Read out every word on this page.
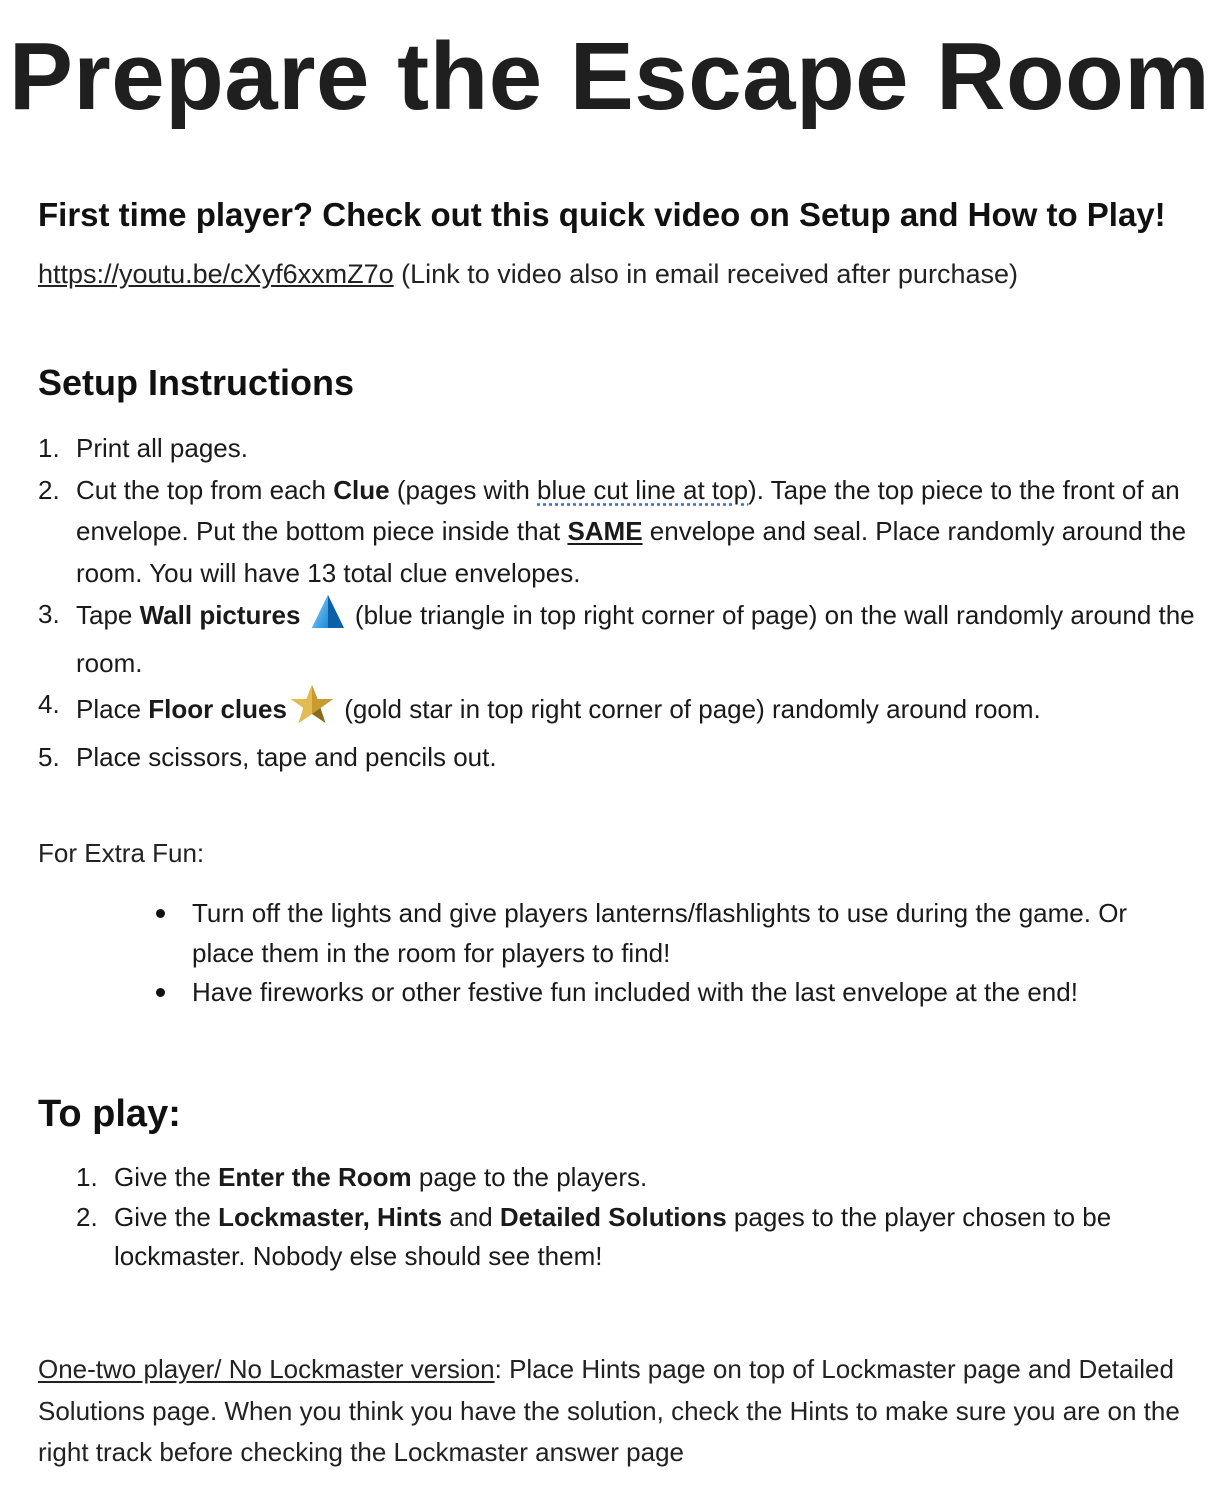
Prepare the Escape Room
First time player? Check out this quick video on Setup and How to Play!
https://youtu.be/cXyf6xxmZ7o (Link to video also in email received after purchase)
Setup Instructions
1. Print all pages.
2. Cut the top from each Clue (pages with blue cut line at top). Tape the top piece to the front of an envelope. Put the bottom piece inside that SAME envelope and seal. Place randomly around the room. You will have 13 total clue envelopes.
3. Tape Wall pictures  (blue triangle in top right corner of page) on the wall randomly around the room.
4. Place Floor clues (gold star in top right corner of page) randomly around room.
5. Place scissors, tape and pencils out.
For Extra Fun:
Turn off the lights and give players lanterns/flashlights to use during the game. Or place them in the room for players to find!
Have fireworks or other festive fun included with the last envelope at the end!
To play:
1. Give the Enter the Room page to the players.
2. Give the Lockmaster, Hints and Detailed Solutions pages to the player chosen to be lockmaster. Nobody else should see them!

One-two player/ No Lockmaster version: Place Hints page on top of Lockmaster page and Detailed Solutions page. When you think you have the solution, check the Hints to make sure you are on the right track before checking the Lockmaster answer page
